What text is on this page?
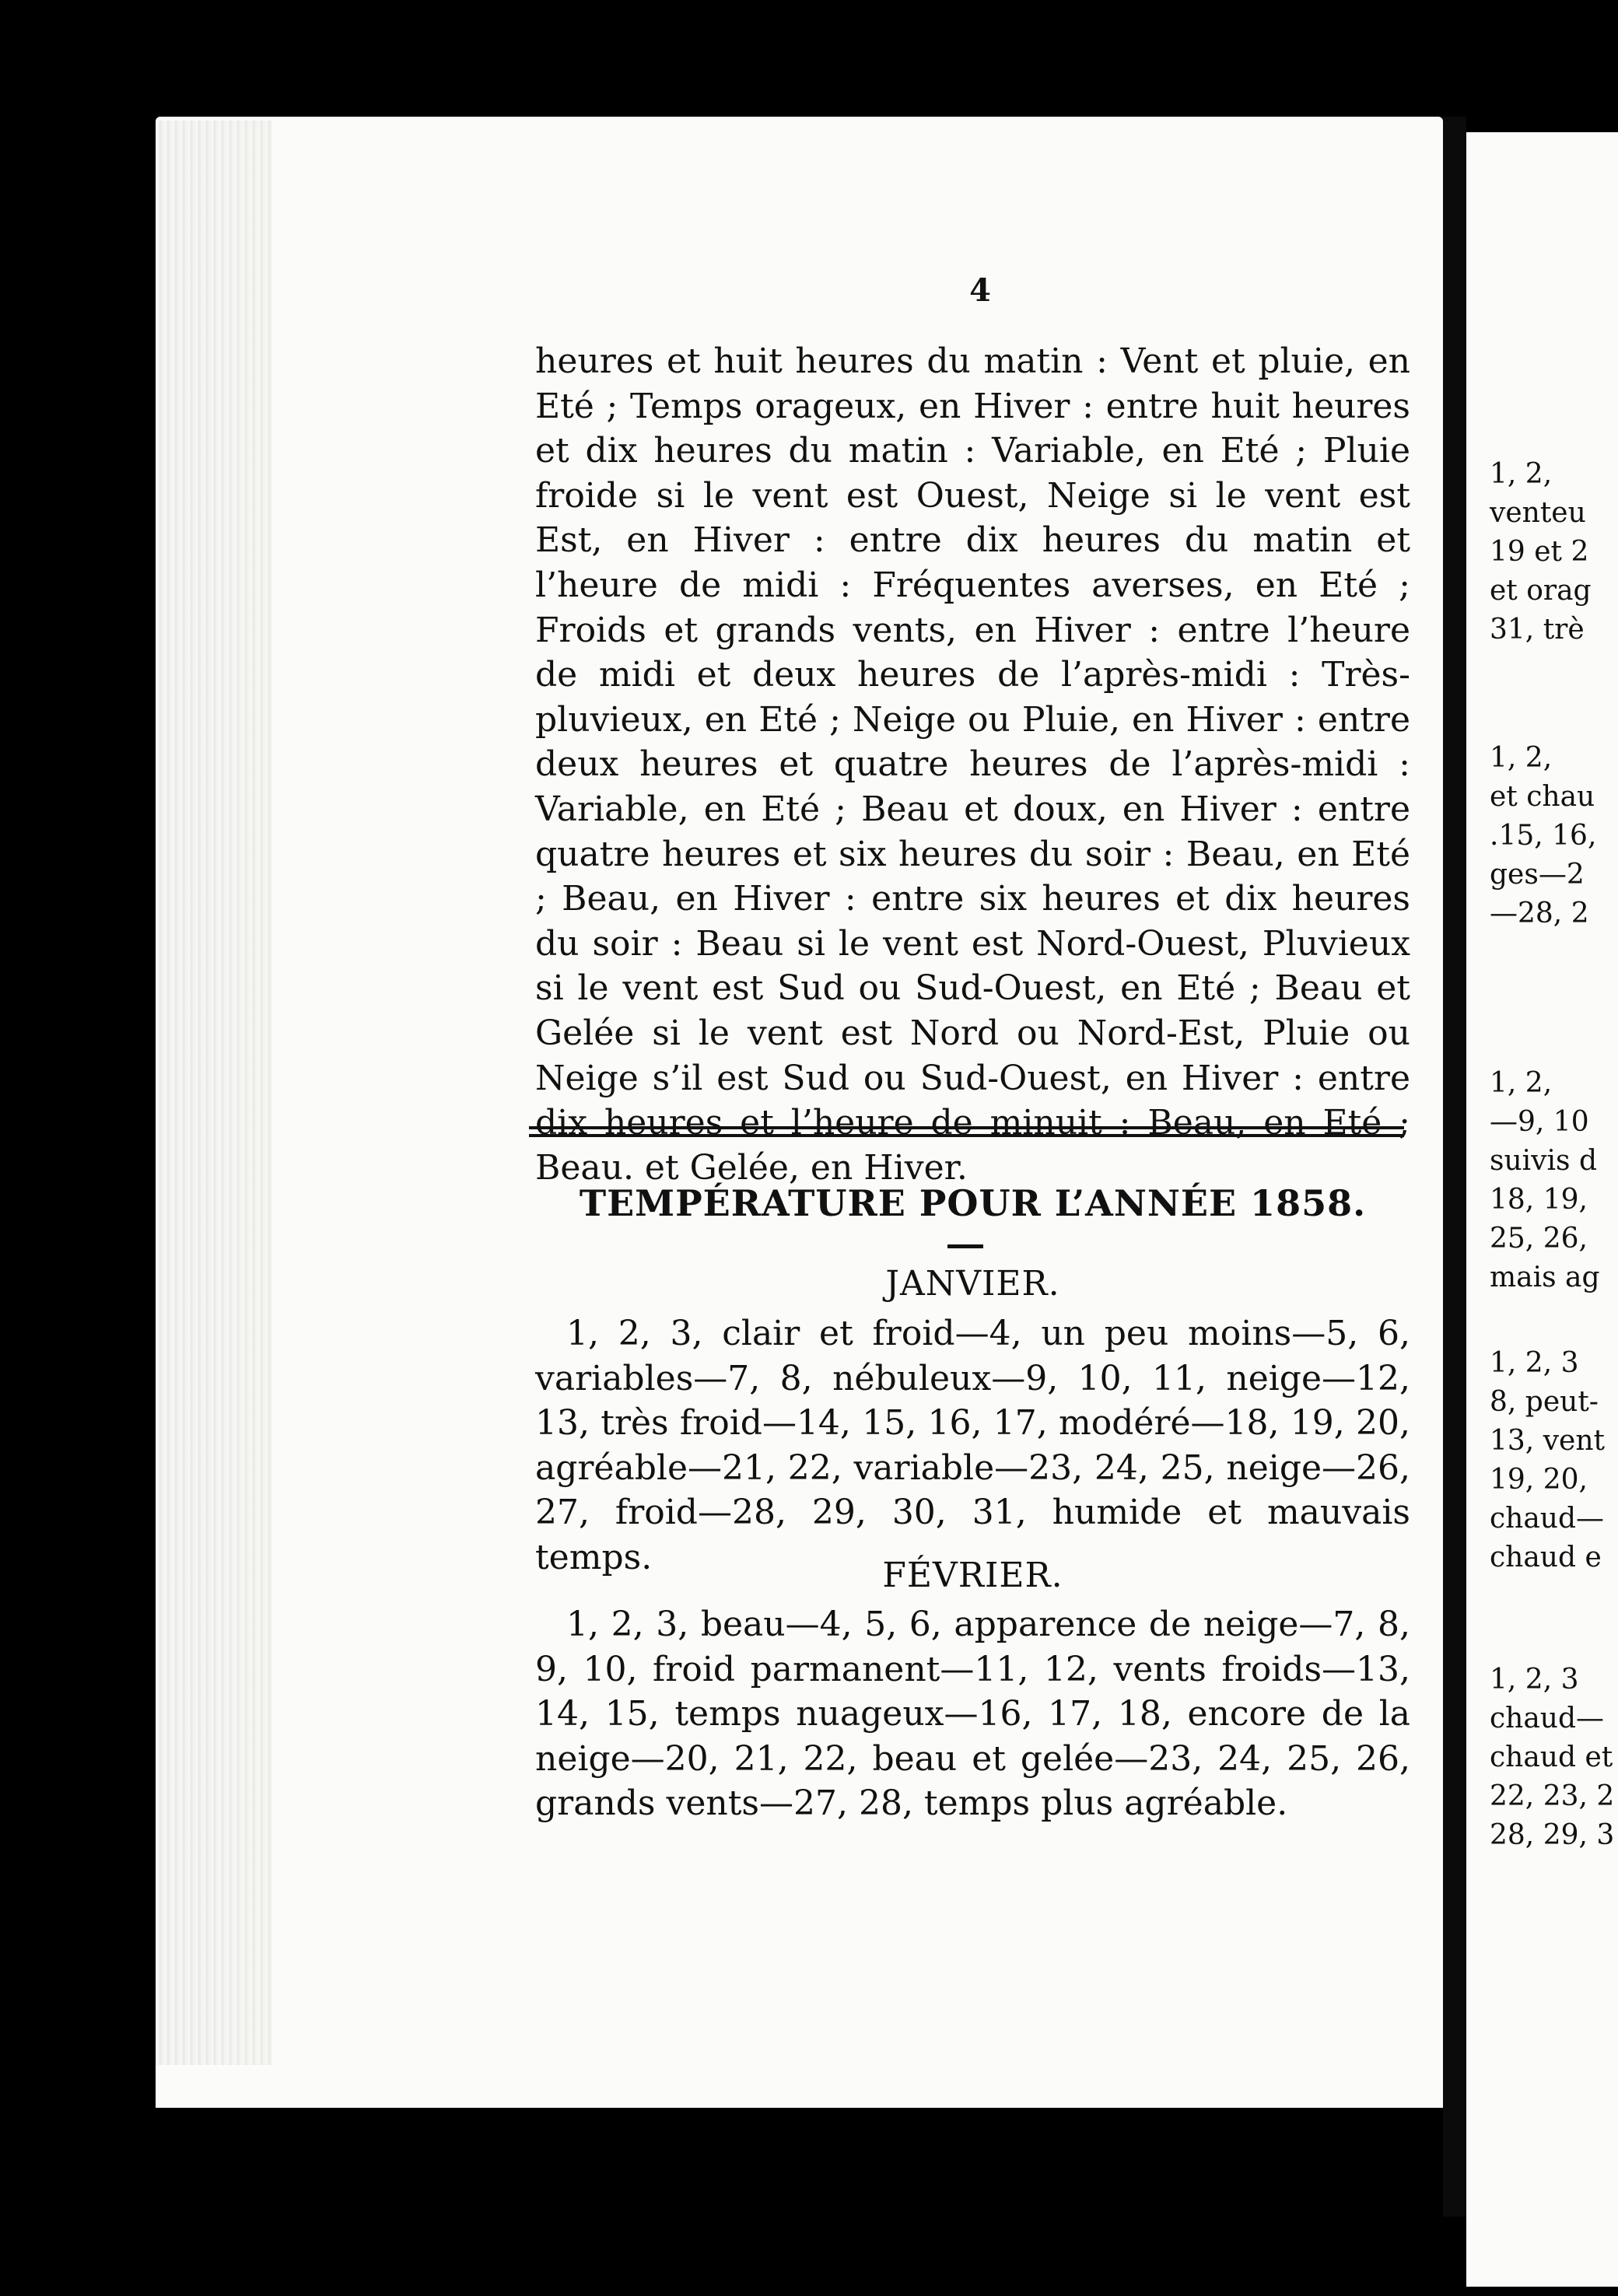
4

heures et huit heures du matin : Vent et pluie, en Eté ; Temps orageux, en Hiver : entre huit heures et dix heures du matin : Variable, en Eté ; Pluie froide si le vent est Ouest, Neige si le vent est Est, en Hiver : entre dix heures du matin et l’heure de midi : Fréquentes averses, en Eté ; Froids et grands vents, en Hiver : entre l’heure de midi et deux heures de l’après-midi : Très-pluvieux, en Eté ; Neige ou Pluie, en Hiver : entre deux heures et quatre heures de l’après-midi : Variable, en Eté ; Beau et doux, en Hiver : entre quatre heures et six heures du soir : Beau, en Eté ; Beau, en Hiver : entre six heures et dix heures du soir : Beau si le vent est Nord-Ouest, Pluvieux si le vent est Sud ou Sud-Ouest, en Eté ; Beau et Gelée si le vent est Nord ou Nord-Est, Pluie ou Neige s’il est Sud ou Sud-Ouest, en Hiver : entre dix heures et l’heure de minuit : Beau, en Eté ; Beau. et Gelée, en Hiver.

TEMPÉRATURE POUR L’ANNÉE 1858.
JANVIER.

1, 2, 3, clair et froid—4, un peu moins—5, 6, variables—7, 8, nébuleux—9, 10, 11, neige—12, 13, très froid—14, 15, 16, 17, modéré—18, 19, 20, agréable—21, 22, variable—23, 24, 25, neige—26, 27, froid—28, 29, 30, 31, humide et mauvais temps.	FÉVRIER.

1, 2, 3, beau—4, 5, 6, apparence de neige—7, 8, 9, 10, froid parmanent—11, 12, vents froids—13, 14, 15, temps nuageux—16, 17, 18, encore de la neige—20, 21, 22, beau et gelée—23, 24, 25, 26, grands vents—27, 28, temps plus agréable.

1, 2,
venteu
19 et 2
et orag
31, trè
1, 2,
et chau
.15, 16,
ges—2
—28, 2
1, 2,
—9, 10
suivis d
18, 19,
25, 26,
mais ag
1, 2, 3
8, peut-
13, vent
19, 20,
chaud—
chaud e
1, 2, 3
chaud—
chaud et
22, 23, 2
28, 29, 3
